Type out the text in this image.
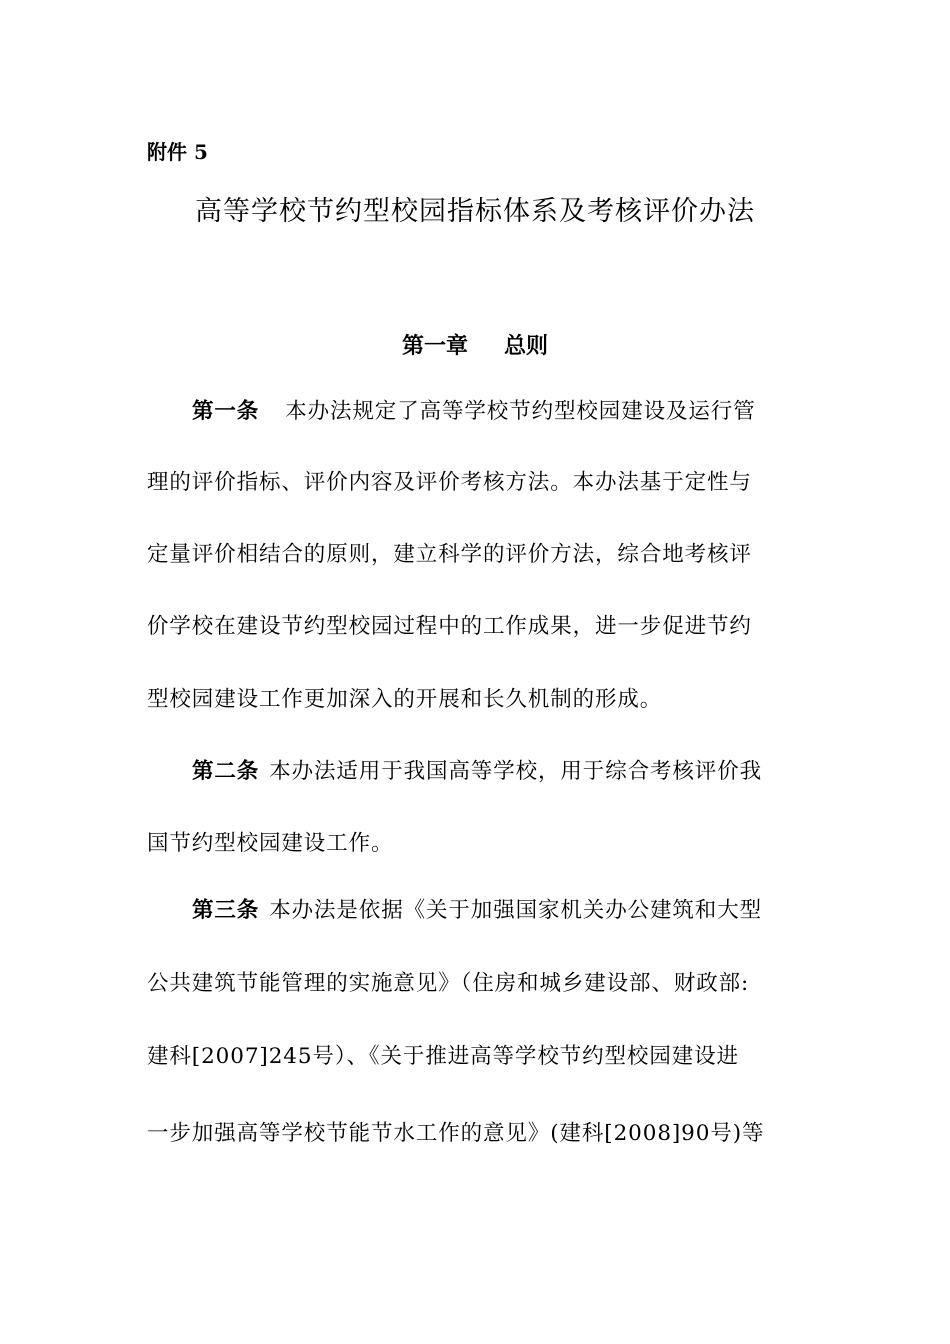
附件 5
高等学校节约型校园指标体系及考核评价办法
第一章 总则
第一条 本办法规定了高等学校节约型校园建设及运行管
理的评价指标、评价内容及评价考核方法。本办法基于定性与
定量评价相结合的原则，建立科学的评价方法，综合地考核评
价学校在建设节约型校园过程中的工作成果，进一步促进节约
型校园建设工作更加深入的开展和长久机制的形成。
第二条 本办法适用于我国高等学校，用于综合考核评价我
国节约型校园建设工作。
第三条 本办法是依据《关于加强国家机关办公建筑和大型
公共建筑节能管理的实施意见》（住房和城乡建设部、财政部:
建科[2007]245号）、《关于推进高等学校节约型校园建设进
一步加强高等学校节能节水工作的意见》(建科[2008]90号)等
